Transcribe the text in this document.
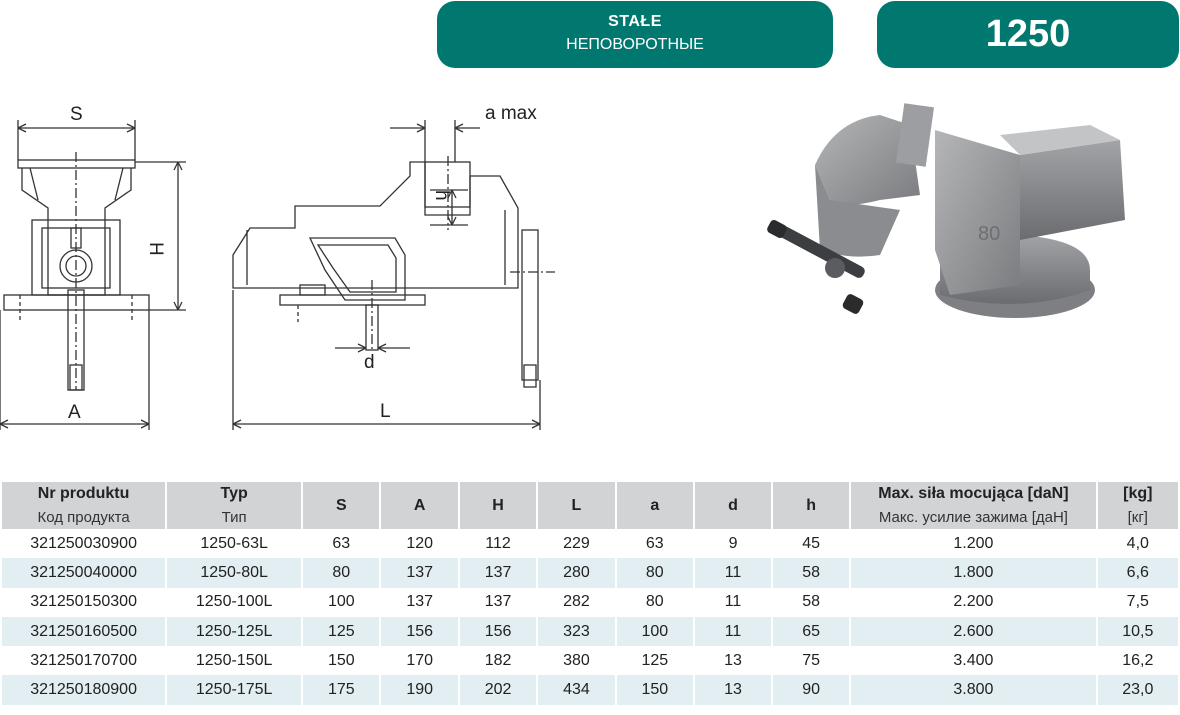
STAŁE
НЕПОВОРОТНЫЕ	1250
S
H
A
a max
h
d
L
80
Nr produktu	Typ	S	A	H	L	a	d	h	Max. siła mocująca [daN]	[kg]
Код продукта	Тип								Макс. усилие зажима [даН]	[кг]
321250030900	1250-63L	63	120	112	229	63	9	45	1.200	4,0
321250040000	1250-80L	80	137	137	280	80	11	58	1.800	6,6
321250150300	1250-100L	100	137	137	282	80	11	58	2.200	7,5
321250160500	1250-125L	125	156	156	323	100	11	65	2.600	10,5
321250170700	1250-150L	150	170	182	380	125	13	75	3.400	16,2
321250180900	1250-175L	175	190	202	434	150	13	90	3.800	23,0
